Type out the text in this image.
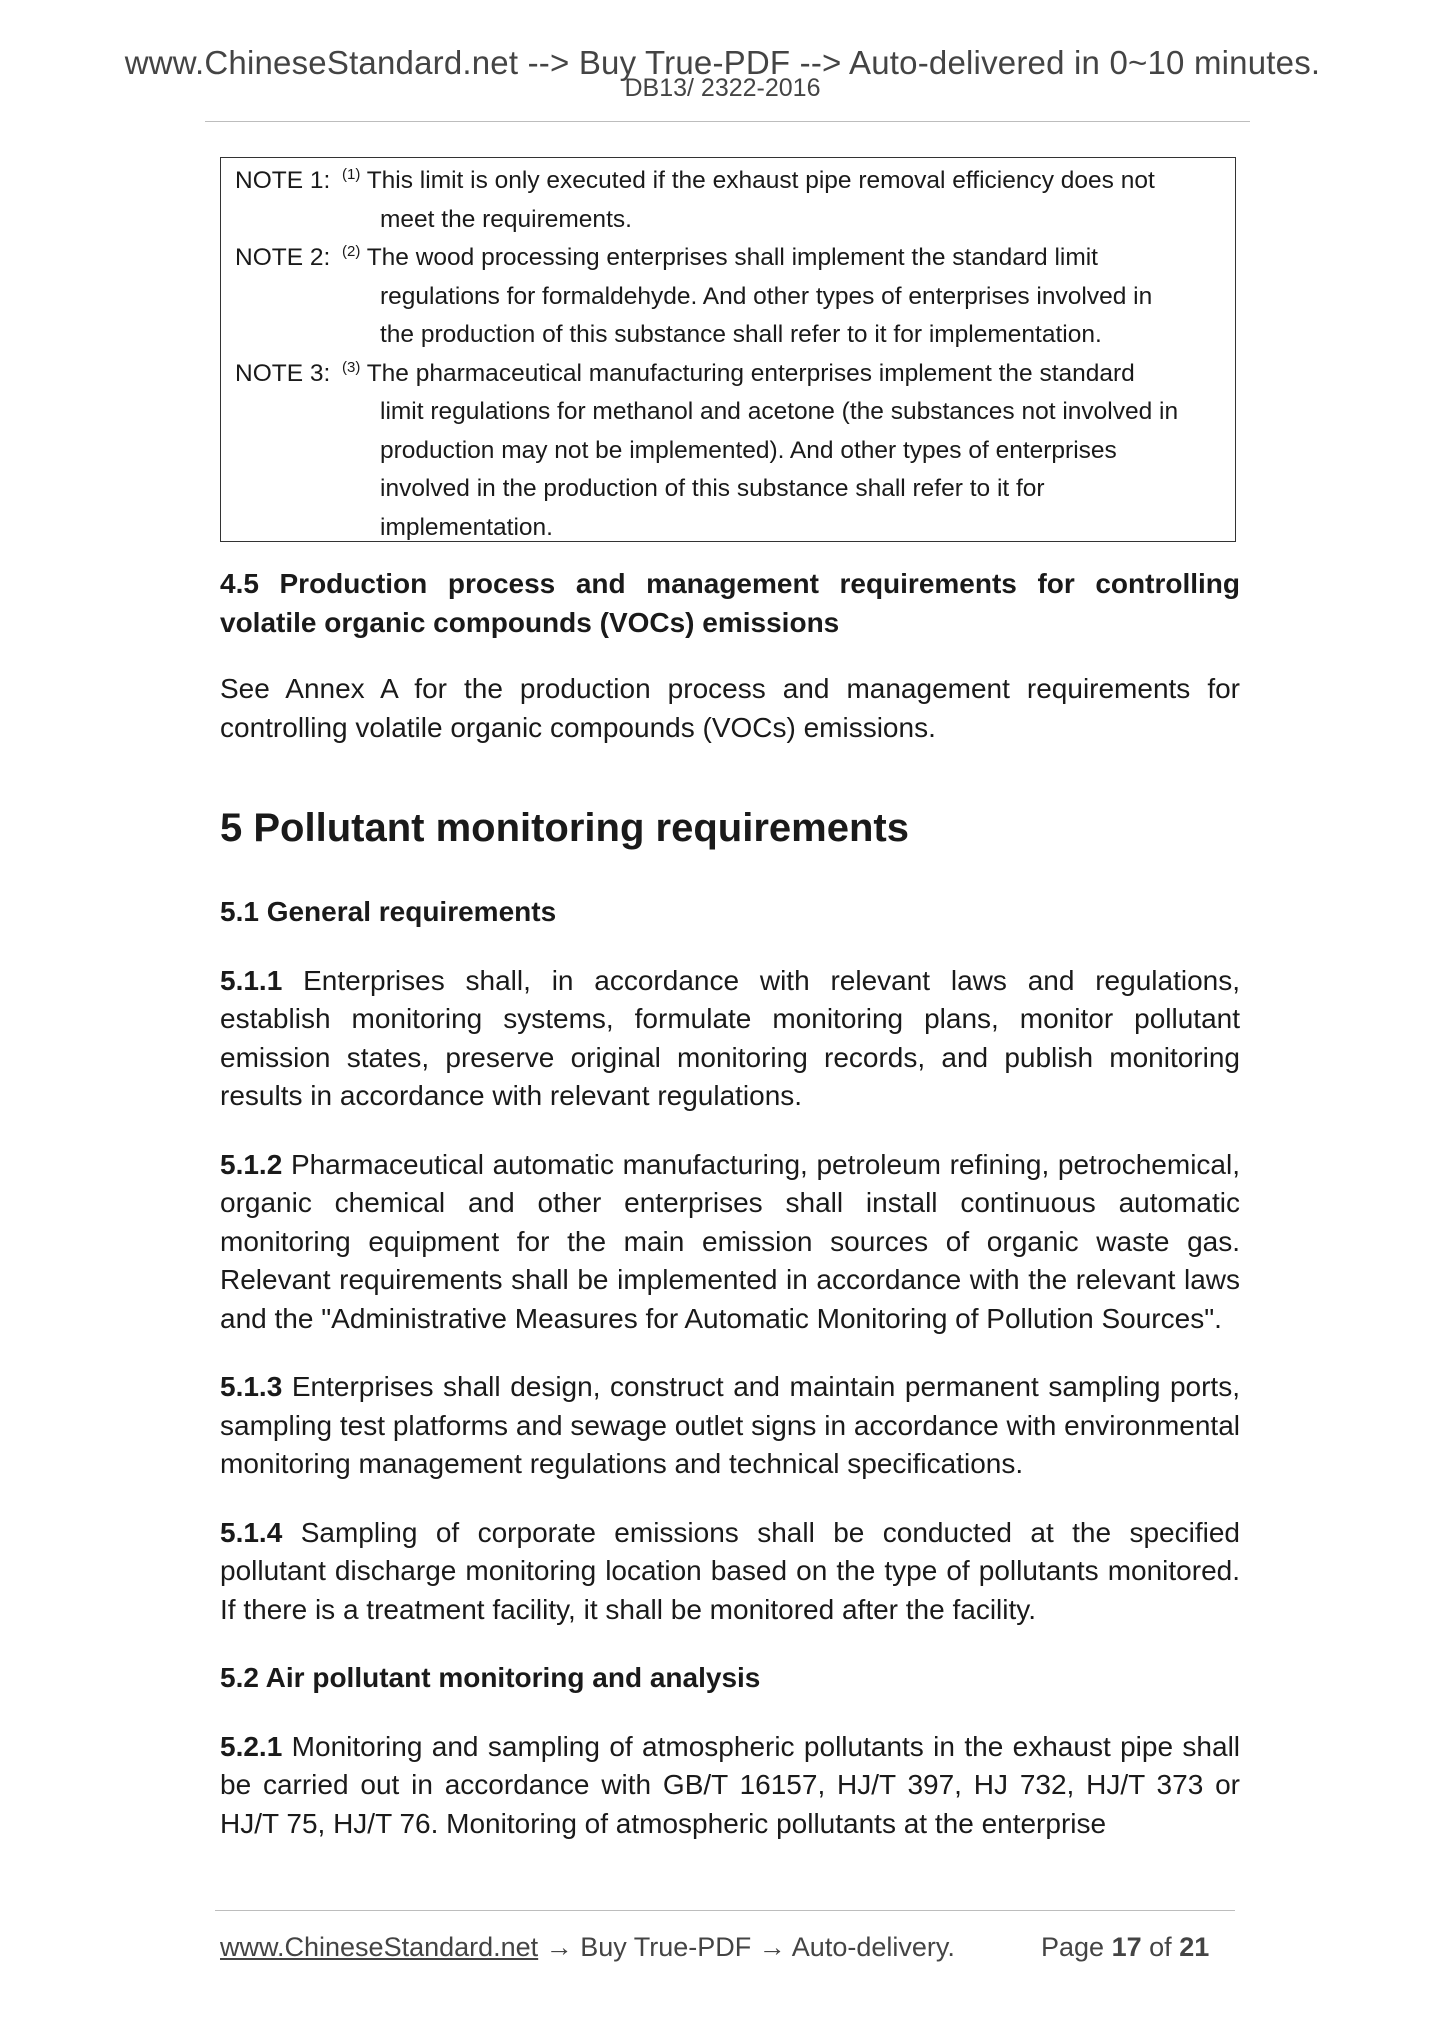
www.ChineseStandard.net --> Buy True-PDF --> Auto-delivered in 0~10 minutes.
DB13/ 2322-2016
NOTE 1: $^{(1)}$ This limit is only executed if the exhaust pipe removal efficiency does not
meet the requirements.
NOTE 2: $^{(2)}$ The wood processing enterprises shall implement the standard limit
regulations for formaldehyde. And other types of enterprises involved in
the production of this substance shall refer to it for implementation.
NOTE 3: $^{(3)}$ The pharmaceutical manufacturing enterprises implement the standard
limit regulations for methanol and acetone (the substances not involved in
production may not be implemented). And other types of enterprises
involved in the production of this substance shall refer to it for
implementation.
4.5 Production process and management requirements for controlling volatile organic compounds (VOCs) emissions
See Annex A for the production process and management requirements for controlling volatile organic compounds (VOCs) emissions.
5 Pollutant monitoring requirements
5.1 General requirements
5.1.1 Enterprises shall, in accordance with relevant laws and regulations, establish monitoring systems, formulate monitoring plans, monitor pollutant emission states, preserve original monitoring records, and publish monitoring results in accordance with relevant regulations.
5.1.2 Pharmaceutical automatic manufacturing, petroleum refining, petrochemical, organic chemical and other enterprises shall install continuous automatic monitoring equipment for the main emission sources of organic waste gas. Relevant requirements shall be implemented in accordance with the relevant laws and the "Administrative Measures for Automatic Monitoring of Pollution Sources".
5.1.3 Enterprises shall design, construct and maintain permanent sampling ports, sampling test platforms and sewage outlet signs in accordance with environmental monitoring management regulations and technical specifications.
5.1.4 Sampling of corporate emissions shall be conducted at the specified pollutant discharge monitoring location based on the type of pollutants monitored. If there is a treatment facility, it shall be monitored after the facility.
5.2 Air pollutant monitoring and analysis
5.2.1 Monitoring and sampling of atmospheric pollutants in the exhaust pipe shall be carried out in accordance with GB/T 16157, HJ/T 397, HJ 732, HJ/T 373 or HJ/T 75, HJ/T 76. Monitoring of atmospheric pollutants at the enterprise
www.ChineseStandard.net → Buy True-PDF → Auto-delivery.	Page 17 of 21
